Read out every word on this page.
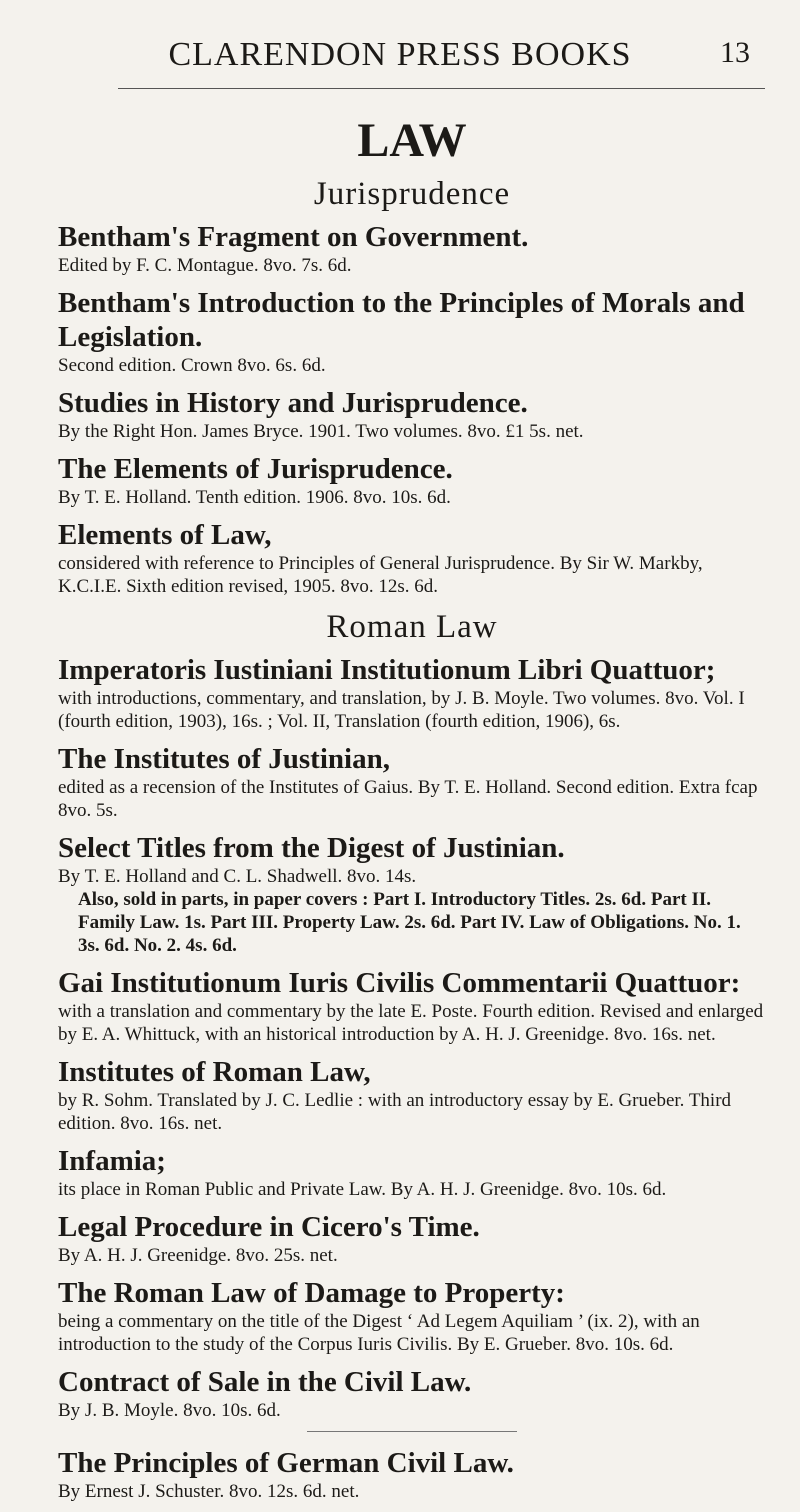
CLARENDON PRESS BOOKS	13
LAW
Jurisprudence
Bentham's Fragment on Government.
Edited by F. C. Montague. 8vo. 7s. 6d.
Bentham's Introduction to the Principles of Morals and Legislation.
Second edition. Crown 8vo. 6s. 6d.
Studies in History and Jurisprudence.
By the Right Hon. James Bryce. 1901. Two volumes. 8vo. £1 5s. net.
The Elements of Jurisprudence.
By T. E. Holland. Tenth edition. 1906. 8vo. 10s. 6d.
Elements of Law,
considered with reference to Principles of General Jurisprudence. By Sir W. Markby, K.C.I.E. Sixth edition revised, 1905. 8vo. 12s. 6d.
Roman Law
Imperatoris Iustiniani Institutionum Libri Quattuor;
with introductions, commentary, and translation, by J. B. Moyle. Two volumes. 8vo. Vol. I (fourth edition, 1903), 16s. ; Vol. II, Translation (fourth edition, 1906), 6s.
The Institutes of Justinian,
edited as a recension of the Institutes of Gaius. By T. E. Holland. Second edition. Extra fcap 8vo. 5s.
Select Titles from the Digest of Justinian.
By T. E. Holland and C. L. Shadwell. 8vo. 14s.
Also, sold in parts, in paper covers : Part I. Introductory Titles. 2s. 6d. Part II. Family Law. 1s. Part III. Property Law. 2s. 6d. Part IV. Law of Obligations. No. 1. 3s. 6d. No. 2. 4s. 6d.
Gai Institutionum Iuris Civilis Commentarii Quattuor:
with a translation and commentary by the late E. Poste. Fourth edition. Revised and enlarged by E. A. Whittuck, with an historical introduction by A. H. J. Greenidge. 8vo. 16s. net.
Institutes of Roman Law,
by R. Sohm. Translated by J. C. Ledlie : with an introductory essay by E. Grueber. Third edition. 8vo. 16s. net.
Infamia;
its place in Roman Public and Private Law. By A. H. J. Greenidge. 8vo. 10s. 6d.
Legal Procedure in Cicero's Time.
By A. H. J. Greenidge. 8vo. 25s. net.
The Roman Law of Damage to Property:
being a commentary on the title of the Digest ‘ Ad Legem Aquiliam ’ (ix. 2), with an introduction to the study of the Corpus Iuris Civilis. By E. Grueber. 8vo. 10s. 6d.
Contract of Sale in the Civil Law.
By J. B. Moyle. 8vo. 10s. 6d.
The Principles of German Civil Law.
By Ernest J. Schuster. 8vo. 12s. 6d. net.
